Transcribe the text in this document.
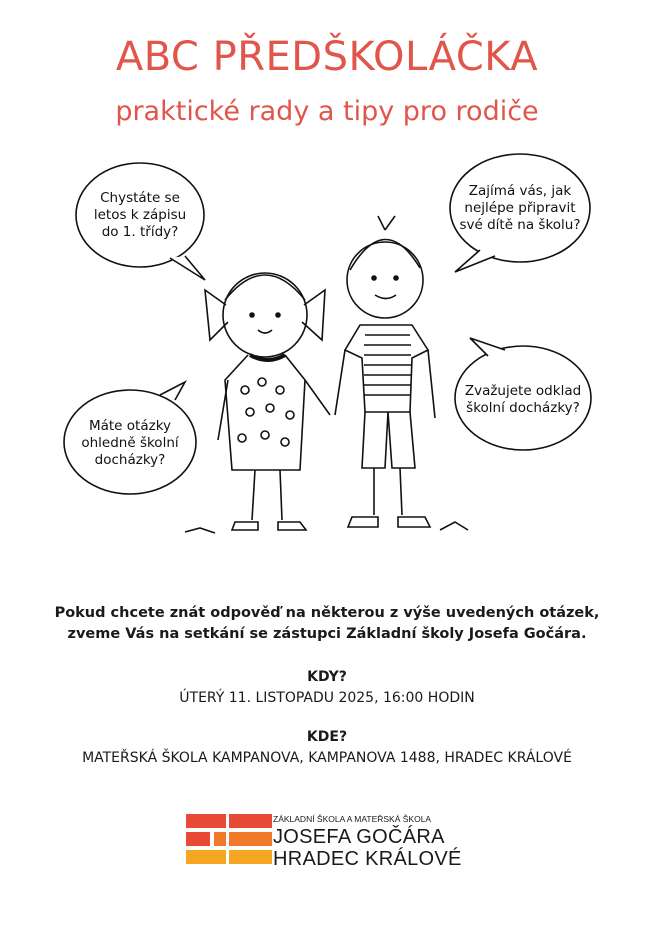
ABC PŘEDŠKOLÁČKA
praktické rady a tipy pro rodiče
Chystáte se
letos k zápisu
do 1. třídy?
Zajímá vás, jak
nejlépe připravit
své dítě na školu?
Máte otázky
ohledně školní
docházky?
Zvažujete odklad
školní docházky?
Pokud chcete znát odpověď na některou z výše uvedených otázek,
zveme Vás na setkání se zástupci Základní školy Josefa Gočára.
KDY?
ÚTERÝ 11. LISTOPADU 2025, 16:00 HODIN
KDE?
MATEŘSKÁ ŠKOLA KAMPANOVA, KAMPANOVA 1488, HRADEC KRÁLOVÉ
ZÁKLADNÍ ŠKOLA A MATEŘSKÁ ŠKOLA
JOSEFA GOČÁRA
HRADEC KRÁLOVÉ
